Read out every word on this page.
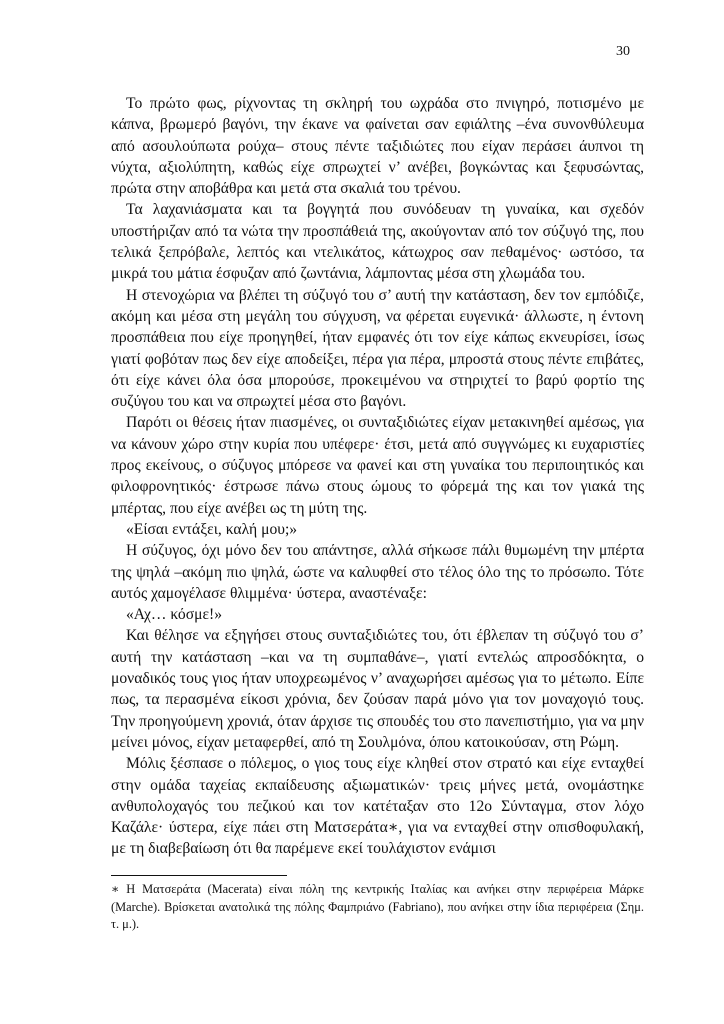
30

Το πρώτο φως, ρίχνοντας τη σκληρή του ωχράδα στο πνιγηρό, ποτισμένο με κάπνα, βρωμερό βαγόνι, την έκανε να φαίνεται σαν εφιάλτης –ένα συνονθύλευμα από ασουλούπωτα ρούχα– στους πέντε ταξιδιώτες που είχαν περάσει άυπνοι τη νύχτα, αξιολύπητη, καθώς είχε σπρωχτεί ν’ ανέβει, βογκώντας και ξεφυσώντας, πρώτα στην αποβάθρα και μετά στα σκαλιά του τρένου.

Τα λαχανιάσματα και τα βογγητά που συνόδευαν τη γυναίκα, και σχεδόν υποστήριζαν από τα νώτα την προσπάθειά της, ακούγονταν από τον σύζυγό της, που τελικά ξεπρόβαλε, λεπτός και ντελικάτος, κάτωχρος σαν πεθαμένος· ωστόσο, τα μικρά του μάτια έσφυζαν από ζωντάνια, λάμποντας μέσα στη χλωμάδα του.

Η στενοχώρια να βλέπει τη σύζυγό του σ’ αυτή την κατάσταση, δεν τον εμπόδιζε, ακόμη και μέσα στη μεγάλη του σύγχυση, να φέρεται ευγενικά· άλλωστε, η έντονη προσπάθεια που είχε προηγηθεί, ήταν εμφανές ότι τον είχε κάπως εκνευρίσει, ίσως γιατί φοβόταν πως δεν είχε αποδείξει, πέρα για πέρα, μπροστά στους πέντε επιβάτες, ότι είχε κάνει όλα όσα μπορούσε, προκειμένου να στηριχτεί το βαρύ φορτίο της συζύγου του και να σπρωχτεί μέσα στο βαγόνι.

Παρότι οι θέσεις ήταν πιασμένες, οι συνταξιδιώτες είχαν μετακινηθεί αμέσως, για να κάνουν χώρο στην κυρία που υπέφερε· έτσι, μετά από συγγνώμες κι ευχαριστίες προς εκείνους, ο σύζυγος μπόρεσε να φανεί και στη γυναίκα του περιποιητικός και φιλοφρονητικός· έστρωσε πάνω στους ώμους το φόρεμά της και τον γιακά της μπέρτας, που είχε ανέβει ως τη μύτη της.

«Είσαι εντάξει, καλή μου;»

Η σύζυγος, όχι μόνο δεν του απάντησε, αλλά σήκωσε πάλι θυμωμένη την μπέρτα της ψηλά –ακόμη πιο ψηλά, ώστε να καλυφθεί στο τέλος όλο της το πρόσωπο. Τότε αυτός χαμογέλασε θλιμμένα· ύστερα, αναστέναξε:

«Αχ… κόσμε!»

Και θέλησε να εξηγήσει στους συνταξιδιώτες του, ότι έβλεπαν τη σύζυγό του σ’ αυτή την κατάσταση –και να τη συμπαθάνε–, γιατί εντελώς απροσδόκητα, ο μοναδικός τους γιος ήταν υποχρεωμένος ν’ αναχωρήσει αμέσως για το μέτωπο. Είπε πως, τα περασμένα είκοσι χρόνια, δεν ζούσαν παρά μόνο για τον μοναχογιό τους. Την προηγούμενη χρονιά, όταν άρχισε τις σπουδές του στο πανεπιστήμιο, για να μην μείνει μόνος, είχαν μεταφερθεί, από τη Σουλμόνα, όπου κατοικούσαν, στη Ρώμη.

Μόλις ξέσπασε ο πόλεμος, ο γιος τους είχε κληθεί στον στρατό και είχε ενταχθεί στην ομάδα ταχείας εκπαίδευσης αξιωματικών· τρεις μήνες μετά, ονομάστηκε ανθυπολοχαγός του πεζικού και τον κατέταξαν στο 12ο Σύνταγμα, στον λόχο Καζάλε· ύστερα, είχε πάει στη Ματσεράτα∗, για να ενταχθεί στην οπισθοφυλακή, με τη διαβεβαίωση ότι θα παρέμενε εκεί τουλάχιστον ενάμισι

∗ Η Ματσεράτα (Macerata) είναι πόλη της κεντρικής Ιταλίας και ανήκει στην περιφέρεια Μάρκε (Marche). Βρίσκεται ανατολικά της πόλης Φαμπριάνο (Fabriano), που ανήκει στην ίδια περιφέρεια (Σημ. τ. μ.).
